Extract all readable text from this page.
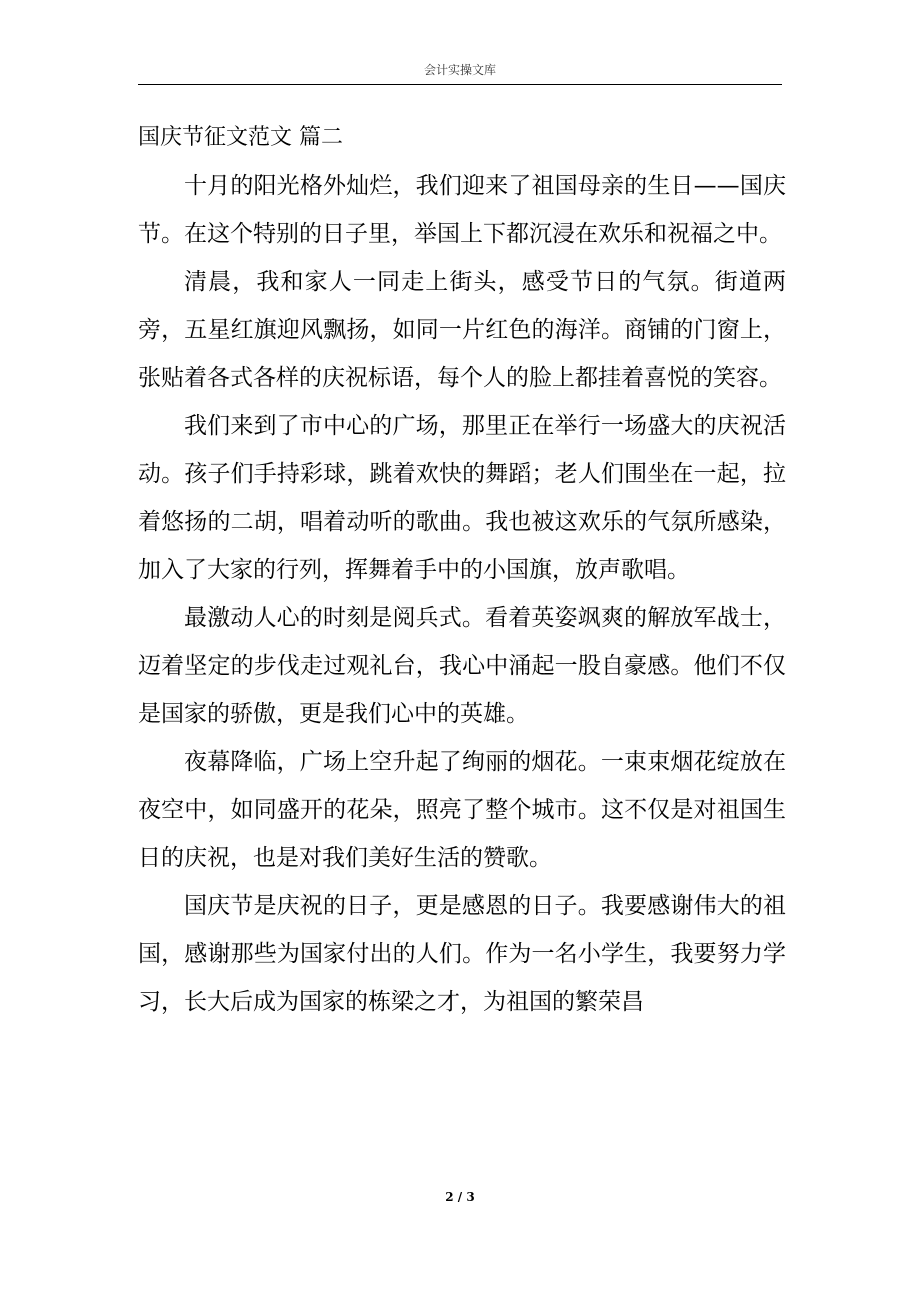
会计实操文库
国庆节征文范文 篇二

十月的阳光格外灿烂，我们迎来了祖国母亲的生日——国庆节。在这个特别的日子里，举国上下都沉浸在欢乐和祝福之中。

清晨，我和家人一同走上街头，感受节日的气氛。街道两旁，五星红旗迎风飘扬，如同一片红色的海洋。商铺的门窗上，张贴着各式各样的庆祝标语，每个人的脸上都挂着喜悦的笑容。

我们来到了市中心的广场，那里正在举行一场盛大的庆祝活动。孩子们手持彩球，跳着欢快的舞蹈；老人们围坐在一起，拉着悠扬的二胡，唱着动听的歌曲。我也被这欢乐的气氛所感染，加入了大家的行列，挥舞着手中的小国旗，放声歌唱。

最激动人心的时刻是阅兵式。看着英姿飒爽的解放军战士，迈着坚定的步伐走过观礼台，我心中涌起一股自豪感。他们不仅是国家的骄傲，更是我们心中的英雄。

夜幕降临，广场上空升起了绚丽的烟花。一束束烟花绽放在夜空中，如同盛开的花朵，照亮了整个城市。这不仅是对祖国生日的庆祝，也是对我们美好生活的赞歌。

国庆节是庆祝的日子，更是感恩的日子。我要感谢伟大的祖国，感谢那些为国家付出的人们。作为一名小学生，我要努力学习，长大后成为国家的栋梁之才，为祖国的繁荣昌

2 / 3
